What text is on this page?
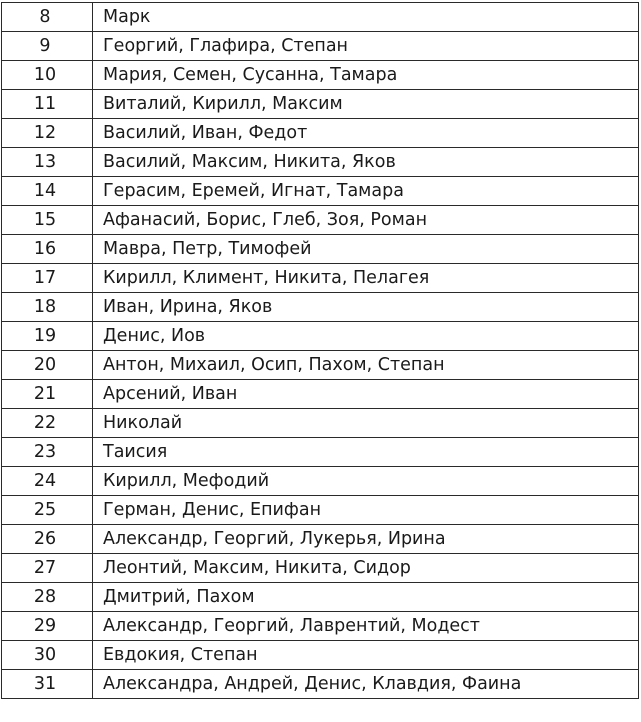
8	Марк
9	Георгий, Глафира, Степан
10	Мария, Семен, Сусанна, Тамара
11	Виталий, Кирилл, Максим
12	Василий, Иван, Федот
13	Василий, Максим, Никита, Яков
14	Герасим, Еремей, Игнат, Тамара
15	Афанасий, Борис, Глеб, Зоя, Роман
16	Мавра, Петр, Тимофей
17	Кирилл, Климент, Никита, Пелагея
18	Иван, Ирина, Яков
19	Денис, Иов
20	Антон, Михаил, Осип, Пахом, Степан
21	Арсений, Иван
22	Николай
23	Таисия
24	Кирилл, Мефодий
25	Герман, Денис, Епифан
26	Александр, Георгий, Лукерья, Ирина
27	Леонтий, Максим, Никита, Сидор
28	Дмитрий, Пахом
29	Александр, Георгий, Лаврентий, Модест
30	Евдокия, Степан
31	Александра, Андрей, Денис, Клавдия, Фаина
